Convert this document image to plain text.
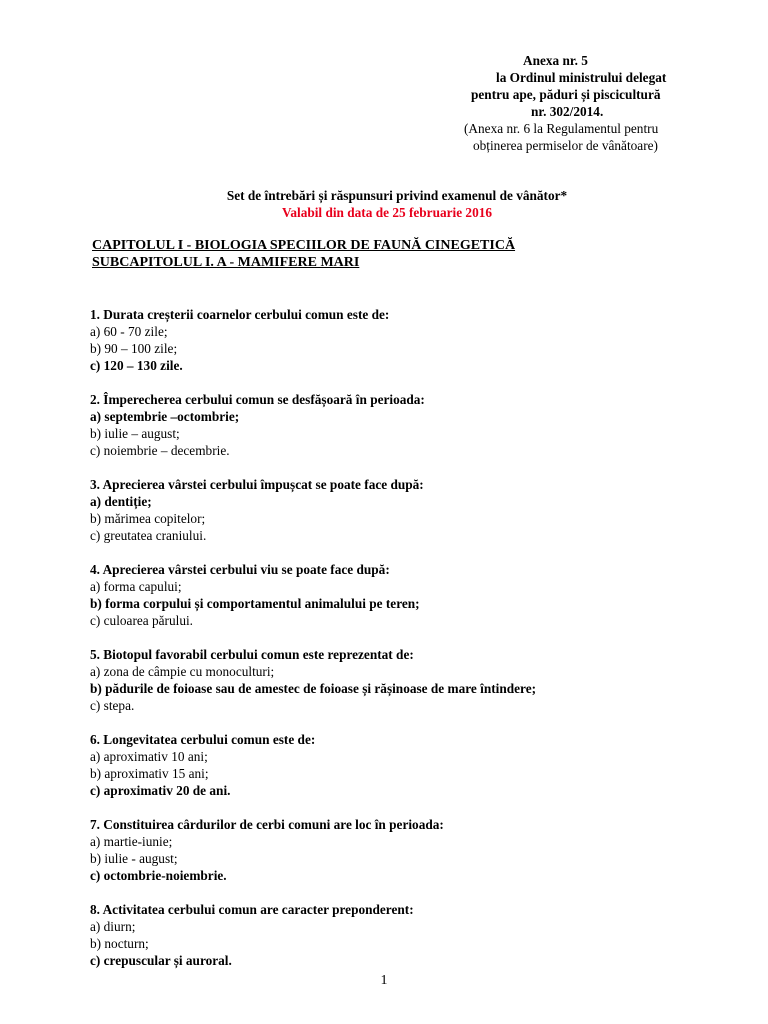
Anexa nr. 5
la Ordinul ministrului delegat
pentru ape, păduri și piscicultură
nr. 302/2014.
(Anexa nr. 6 la Regulamentul pentru
obținerea permiselor de vânătoare)
Set de întrebări și răspunsuri privind examenul de vânător*
Valabil din data de 25 februarie 2016
CAPITOLUL I - BIOLOGIA SPECIILOR DE FAUNĂ CINEGETICĂ
SUBCAPITOLUL I. A - MAMIFERE MARI
1. Durata creșterii coarnelor cerbului comun este de:
a) 60 - 70 zile;
b) 90 – 100 zile;
c) 120 – 130 zile.
2. Împerecherea cerbului comun se desfășoară în perioada:
a) septembrie –octombrie;
b) iulie – august;
c) noiembrie – decembrie.
3. Aprecierea vârstei cerbului împușcat se poate face după:
a) dentiție;
b) mărimea copitelor;
c) greutatea craniului.
4. Aprecierea vârstei cerbului viu se poate face după:
a) forma capului;
b) forma corpului și comportamentul animalului pe teren;
c) culoarea părului.
5. Biotopul favorabil cerbului comun este reprezentat de:
a) zona de câmpie cu monoculturi;
b) pădurile de foioase sau de amestec de foioase și rășinoase de mare întindere;
c) stepa.
6. Longevitatea cerbului comun este de:
a) aproximativ 10 ani;
b) aproximativ 15 ani;
c) aproximativ 20 de ani.
7. Constituirea cârdurilor de cerbi comuni are loc în perioada:
a) martie-iunie;
b) iulie - august;
c) octombrie-noiembrie.
8. Activitatea cerbului comun are caracter preponderent:
a) diurn;
b) nocturn;
c) crepuscular și auroral.
1
